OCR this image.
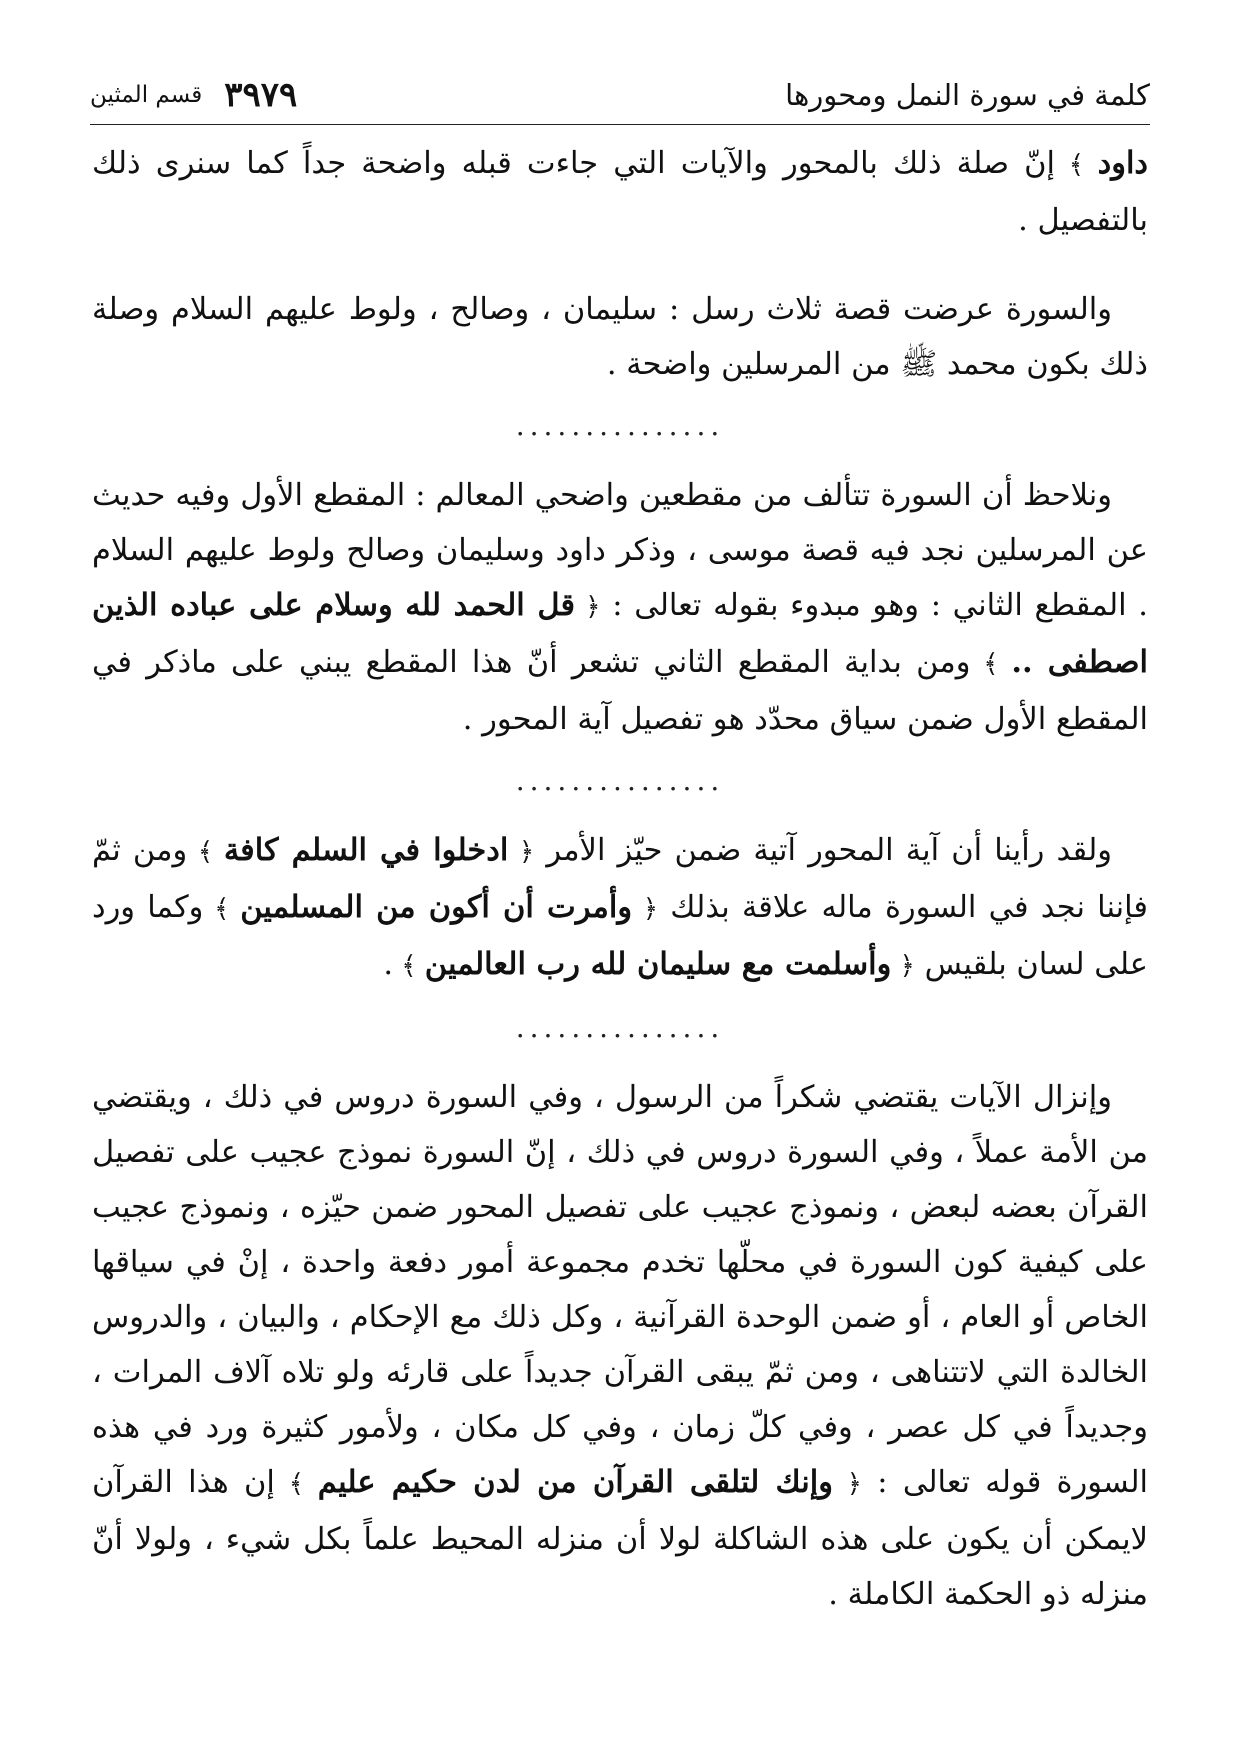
كلمة في سورة النمل ومحورها
٣٩٧٩
قسم المثين

داود ﴾ إنّ صلة ذلك بالمحور والآيات التي جاءت قبله واضحة جداً كما سنرى ذلك بالتفصيل .

والسورة عرضت قصة ثلاث رسل : سليمان ، وصالح ، ولوط عليهم السلام وصلة ذلك بكون محمد ﷺ من المرسلين واضحة .

...............

ونلاحظ أن السورة تتألف من مقطعين واضحي المعالم : المقطع الأول وفيه حديث عن المرسلين نجد فيه قصة موسى ، وذكر داود وسليمان وصالح ولوط عليهم السلام . المقطع الثاني : وهو مبدوء بقوله تعالى : ﴿ قل الحمد لله وسلام على عباده الذين اصطفى .. ﴾ ومن بداية المقطع الثاني تشعر أنّ هذا المقطع يبني على ماذكر في المقطع الأول ضمن سياق محدّد هو تفصيل آية المحور .

...............

ولقد رأينا أن آية المحور آتية ضمن حيّز الأمر ﴿ ادخلوا في السلم كافة ﴾ ومن ثمّ فإننا نجد في السورة ماله علاقة بذلك ﴿ وأمرت أن أكون من المسلمين ﴾ وكما ورد على لسان بلقيس ﴿ وأسلمت مع سليمان لله رب العالمين ﴾ .

...............

وإنزال الآيات يقتضي شكراً من الرسول ، وفي السورة دروس في ذلك ، ويقتضي من الأمة عملاً ، وفي السورة دروس في ذلك ، إنّ السورة نموذج عجيب على تفصيل القرآن بعضه لبعض ، ونموذج عجيب على تفصيل المحور ضمن حيّزه ، ونموذج عجيب على كيفية كون السورة في محلّها تخدم مجموعة أمور دفعة واحدة ، إنْ في سياقها الخاص أو العام ، أو ضمن الوحدة القرآنية ، وكل ذلك مع الإحكام ، والبيان ، والدروس الخالدة التي لاتتناهى ، ومن ثمّ يبقى القرآن جديداً على قارئه ولو تلاه آلاف المرات ، وجديداً في كل عصر ، وفي كلّ زمان ، وفي كل مكان ، ولأمور كثيرة ورد في هذه السورة قوله تعالى : ﴿ وإنك لتلقى القرآن من لدن حكيم عليم ﴾ إن هذا القرآن لايمكن أن يكون على هذه الشاكلة لولا أن منزله المحيط علماً بكل شيء ، ولولا أنّ منزله ذو الحكمة الكاملة .
